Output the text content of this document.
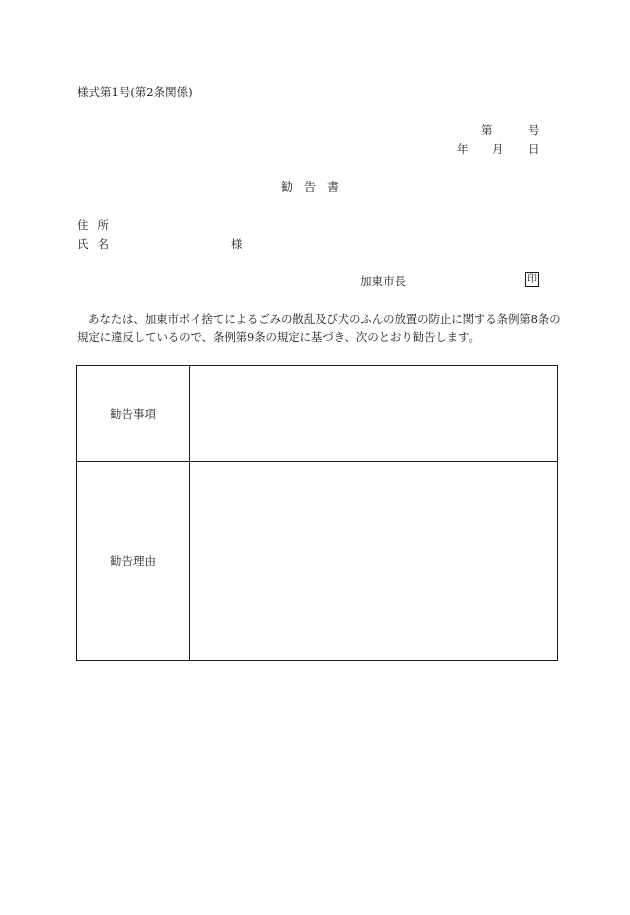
様式第1号(第2条関係)
第	号
年 月 日
勧告書
住所
氏名	様
加東市長	印
あなたは、加東市ポイ捨てによるごみの散乱及び犬のふんの放置の防止に関する条例第8条の規定に違反しているので、条例第9条の規定に基づき、次のとおり勧告します。
勧告事項	
勧告理由	
